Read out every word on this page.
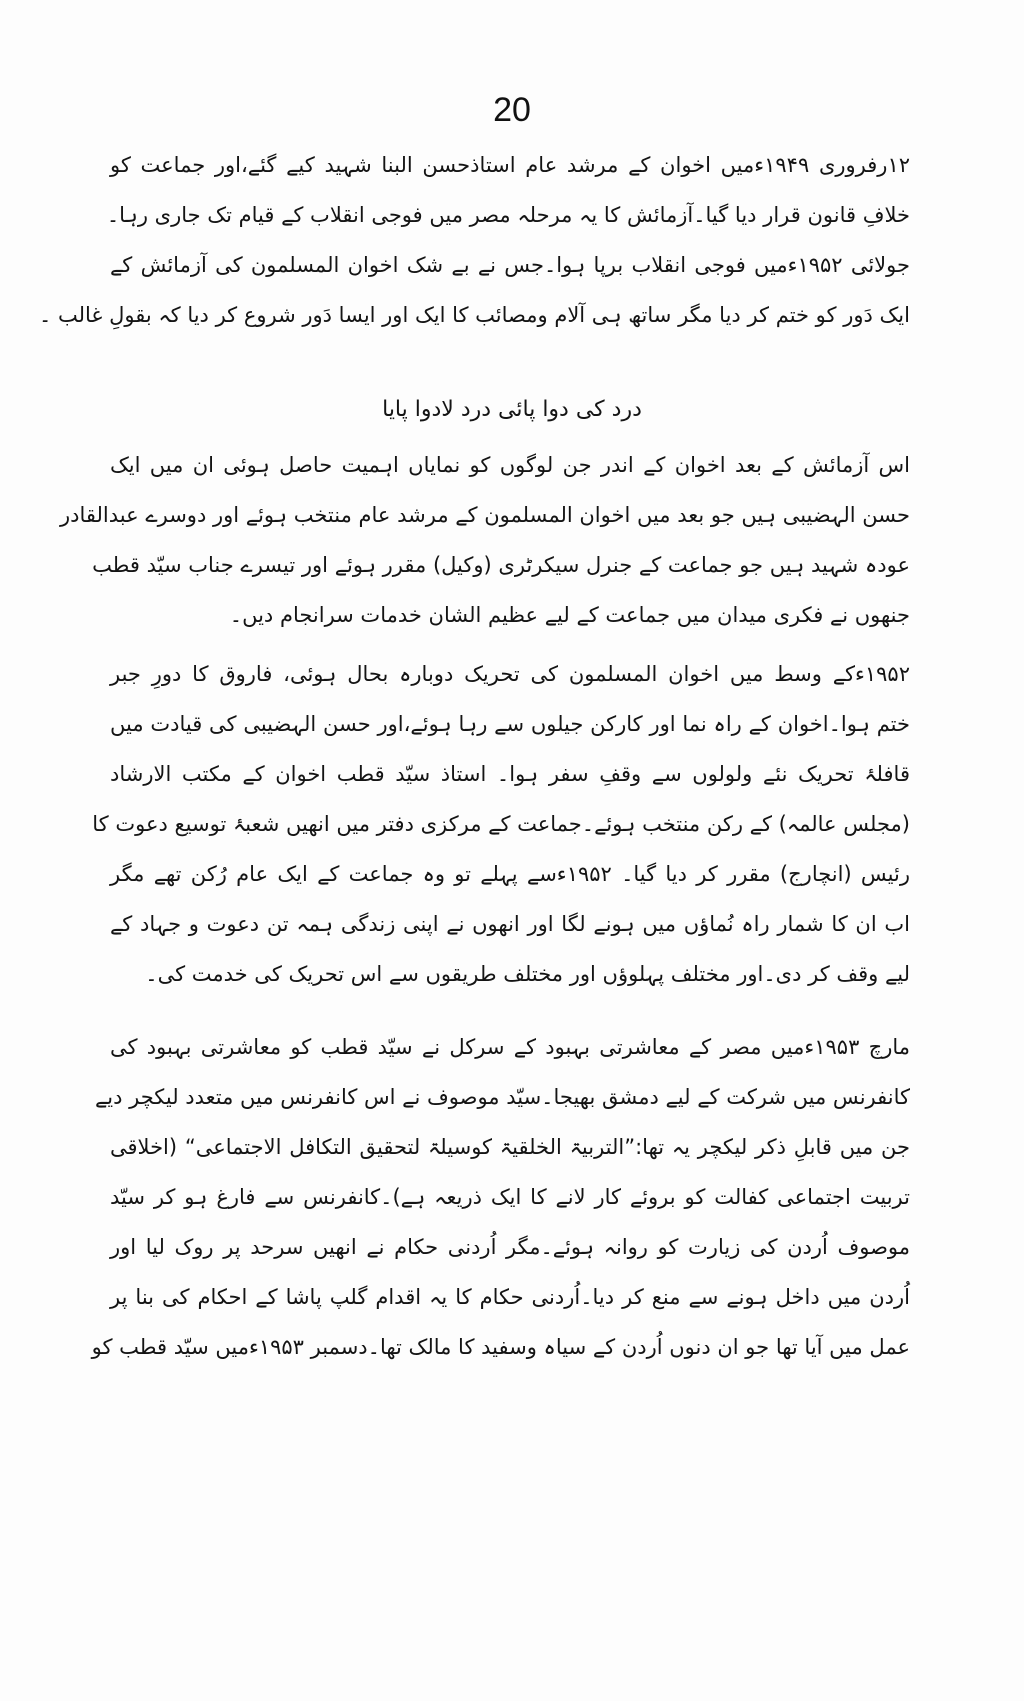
20
۱۲رفروری ۱۹۴۹ءمیں اخوان کے مرشد عام استاذحسن البنا شہید کیے گئے،اور جماعت کو
خلافِ قانون قرار دیا گیا۔آزمائش کا یہ مرحلہ مصر میں فوجی انقلاب کے قیام تک جاری رہا۔
جولائی ۱۹۵۲ءمیں فوجی انقلاب برپا ہوا۔جس نے بے شک اخوان المسلمون کی آزمائش کے
ایک دَور کو ختم کر دیا مگر ساتھ ہی آلام ومصائب کا ایک اور ایسا دَور شروع کر دیا کہ بقولِ غالب ۔
درد کی دوا پائی درد لادوا پایا
اس آزمائش کے بعد اخوان کے اندر جن لوگوں کو نمایاں اہمیت حاصل ہوئی ان میں ایک
حسن الہضیبی ہیں جو بعد میں اخوان المسلمون کے مرشد عام منتخب ہوئے اور دوسرے عبدالقادر
عودہ شہید ہیں جو جماعت کے جنرل سیکرٹری (وکیل) مقرر ہوئے اور تیسرے جناب سیّد قطب
جنھوں نے فکری میدان میں جماعت کے لیے عظیم الشان خدمات سرانجام دیں۔
۱۹۵۲ءکے وسط میں اخوان المسلمون کی تحریک دوبارہ بحال ہوئی، فاروق کا دورِ جبر
ختم ہوا۔اخوان کے راہ نما اور کارکن جیلوں سے رہا ہوئے،اور حسن الہضیبی کی قیادت میں
قافلۂ تحریک نئے ولولوں سے وقفِ سفر ہوا۔ استاذ سیّد قطب اخوان کے مکتب الارشاد
(مجلس عالمہ) کے رکن منتخب ہوئے۔جماعت کے مرکزی دفتر میں انھیں شعبۂ توسیع دعوت کا
رئیس (انچارج) مقرر کر دیا گیا۔ ۱۹۵۲ءسے پہلے تو وہ جماعت کے ایک عام رُکن تھے مگر
اب ان کا شمار راہ نُماؤں میں ہونے لگا اور انھوں نے اپنی زندگی ہمہ تن دعوت و جہاد کے
لیے وقف کر دی۔اور مختلف پہلوؤں اور مختلف طریقوں سے اس تحریک کی خدمت کی۔
مارچ ۱۹۵۳ءمیں مصر کے معاشرتی بہبود کے سرکل نے سیّد قطب کو معاشرتی بہبود کی
کانفرنس میں شرکت کے لیے دمشق بھیجا۔سیّد موصوف نے اس کانفرنس میں متعدد لیکچر دیے
جن میں قابلِ ذکر لیکچر یہ تھا:”التربیۃ الخلقیۃ کوسیلۃ لتحقیق التکافل الاجتماعی“ (اخلاقی
تربیت اجتماعی کفالت کو بروئے کار لانے کا ایک ذریعہ ہے)۔کانفرنس سے فارغ ہو کر سیّد
موصوف اُردن کی زیارت کو روانہ ہوئے۔مگر اُردنی حکام نے انھیں سرحد پر روک لیا اور
اُردن میں داخل ہونے سے منع کر دیا۔اُردنی حکام کا یہ اقدام گلپ پاشا کے احکام کی بنا پر
عمل میں آیا تھا جو ان دنوں اُردن کے سیاہ وسفید کا مالک تھا۔دسمبر ۱۹۵۳ءمیں سیّد قطب کو
